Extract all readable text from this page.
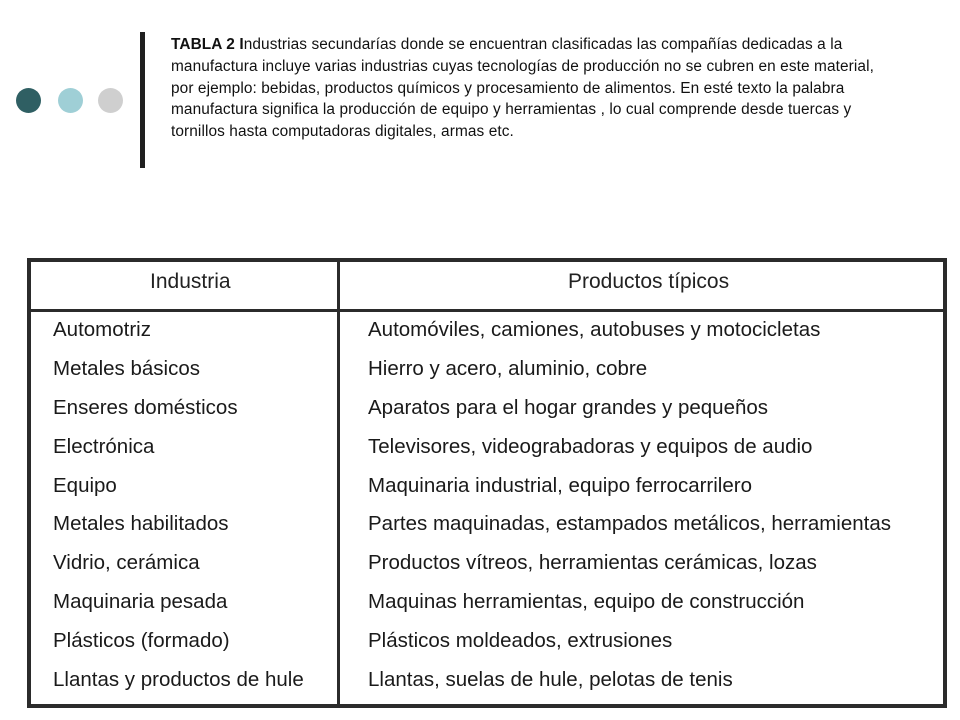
TABLA 2 Industrias secundarías donde se encuentran clasificadas las compañías dedicadas a la manufactura incluye varias industrias cuyas tecnologías de producción no se cubren en este material, por ejemplo: bebidas, productos químicos y procesamiento de alimentos. En esté texto la palabra manufactura significa la producción de equipo y herramientas , lo cual comprende desde tuercas y tornillos hasta computadoras digitales, armas etc.
Industria	Productos típicos
Automotriz	Automóviles, camiones, autobuses y motocicletas
Metales básicos	Hierro y acero, aluminio, cobre
Enseres domésticos	Aparatos para el hogar grandes y pequeños
Electrónica	Televisores, videograbadoras y equipos de audio
Equipo	Maquinaria industrial, equipo ferrocarrilero
Metales habilitados	Partes maquinadas, estampados metálicos, herramientas
Vidrio, cerámica	Productos vítreos, herramientas cerámicas, lozas
Maquinaria pesada	Maquinas herramientas, equipo de construcción
Plásticos (formado)	Plásticos moldeados, extrusiones
Llantas y productos de hule	Llantas, suelas de hule, pelotas de tenis
